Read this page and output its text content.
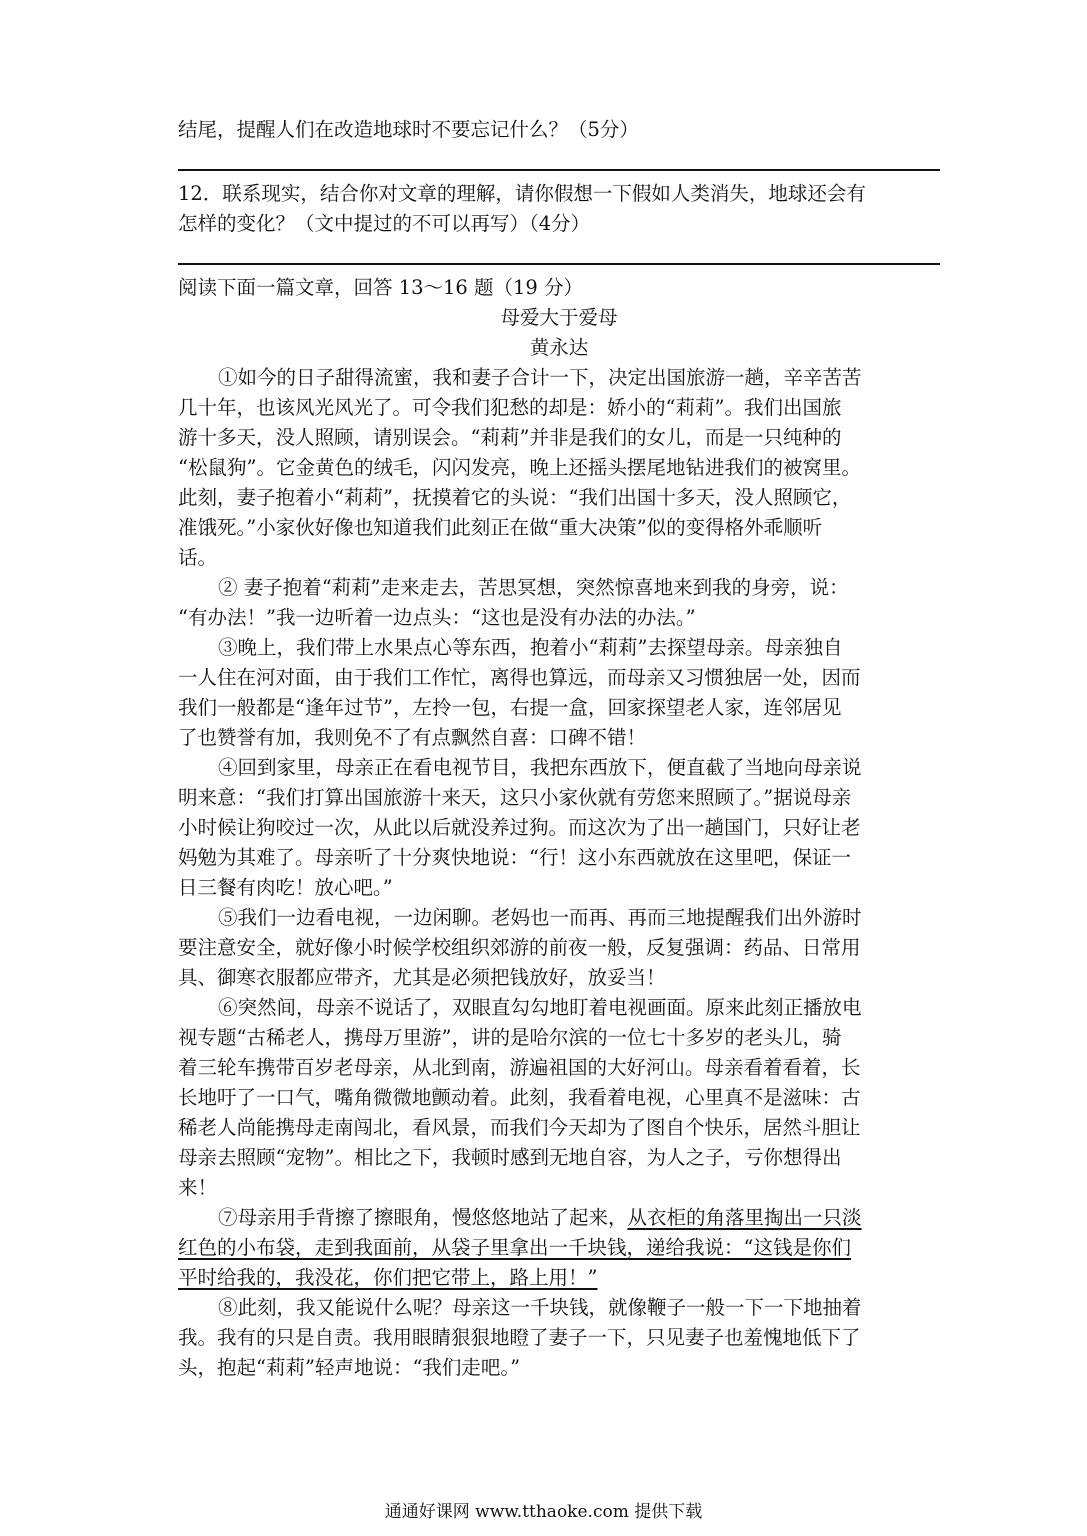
结尾，提醒人们在改造地球时不要忘记什么？（5分）
12．联系现实，结合你对文章的理解，请你假想一下假如人类消失，地球还会有
怎样的变化？（文中提过的不可以再写）（4分）
阅读下面一篇文章，回答 13～16 题（19 分）
母爱大于爱母
黄永达
①如今的日子甜得流蜜，我和妻子合计一下，决定出国旅游一趟，辛辛苦苦
几十年，也该风光风光了。可令我们犯愁的却是：娇小的“莉莉”。我们出国旅
游十多天，没人照顾，请别误会。“莉莉”并非是我们的女儿，而是一只纯种的
“松鼠狗”。它金黄色的绒毛，闪闪发亮，晚上还摇头摆尾地钻进我们的被窝里。
此刻，妻子抱着小“莉莉”，抚摸着它的头说：“我们出国十多天，没人照顾它，
准饿死。”小家伙好像也知道我们此刻正在做“重大决策”似的变得格外乖顺听
话。
② 妻子抱着“莉莉”走来走去，苦思冥想，突然惊喜地来到我的身旁，说：
“有办法！”我一边听着一边点头：“这也是没有办法的办法。”
③晚上，我们带上水果点心等东西，抱着小“莉莉”去探望母亲。母亲独自
一人住在河对面，由于我们工作忙，离得也算远，而母亲又习惯独居一处，因而
我们一般都是“逢年过节”，左拎一包，右提一盒，回家探望老人家，连邻居见
了也赞誉有加，我则免不了有点飘然自喜：口碑不错！
④回到家里，母亲正在看电视节目，我把东西放下，便直截了当地向母亲说
明来意：“我们打算出国旅游十来天，这只小家伙就有劳您来照顾了。”据说母亲
小时候让狗咬过一次，从此以后就没养过狗。而这次为了出一趟国门，只好让老
妈勉为其难了。母亲听了十分爽快地说：“行！这小东西就放在这里吧，保证一
日三餐有肉吃！放心吧。”
⑤我们一边看电视，一边闲聊。老妈也一而再、再而三地提醒我们出外游时
要注意安全，就好像小时候学校组织郊游的前夜一般，反复强调：药品、日常用
具、御寒衣服都应带齐，尤其是必须把钱放好，放妥当！
⑥突然间，母亲不说话了，双眼直勾勾地盯着电视画面。原来此刻正播放电
视专题“古稀老人，携母万里游”，讲的是哈尔滨的一位七十多岁的老头儿，骑
着三轮车携带百岁老母亲，从北到南，游遍祖国的大好河山。母亲看着看着，长
长地吁了一口气，嘴角微微地颤动着。此刻，我看着电视，心里真不是滋味：古
稀老人尚能携母走南闯北，看风景，而我们今天却为了图自个快乐，居然斗胆让
母亲去照顾“宠物”。相比之下，我顿时感到无地自容，为人之子，亏你想得出
来！
⑦母亲用手背擦了擦眼角，慢悠悠地站了起来，从衣柜的角落里掏出一只淡
红色的小布袋，走到我面前，从袋子里拿出一千块钱，递给我说：“这钱是你们
平时给我的，我没花，你们把它带上，路上用！”
⑧此刻，我又能说什么呢？母亲这一千块钱，就像鞭子一般一下一下地抽着
我。我有的只是自责。我用眼睛狠狠地瞪了妻子一下，只见妻子也羞愧地低下了
头，抱起“莉莉”轻声地说：“我们走吧。”
通通好课网 www.tthaoke.com 提供下载
